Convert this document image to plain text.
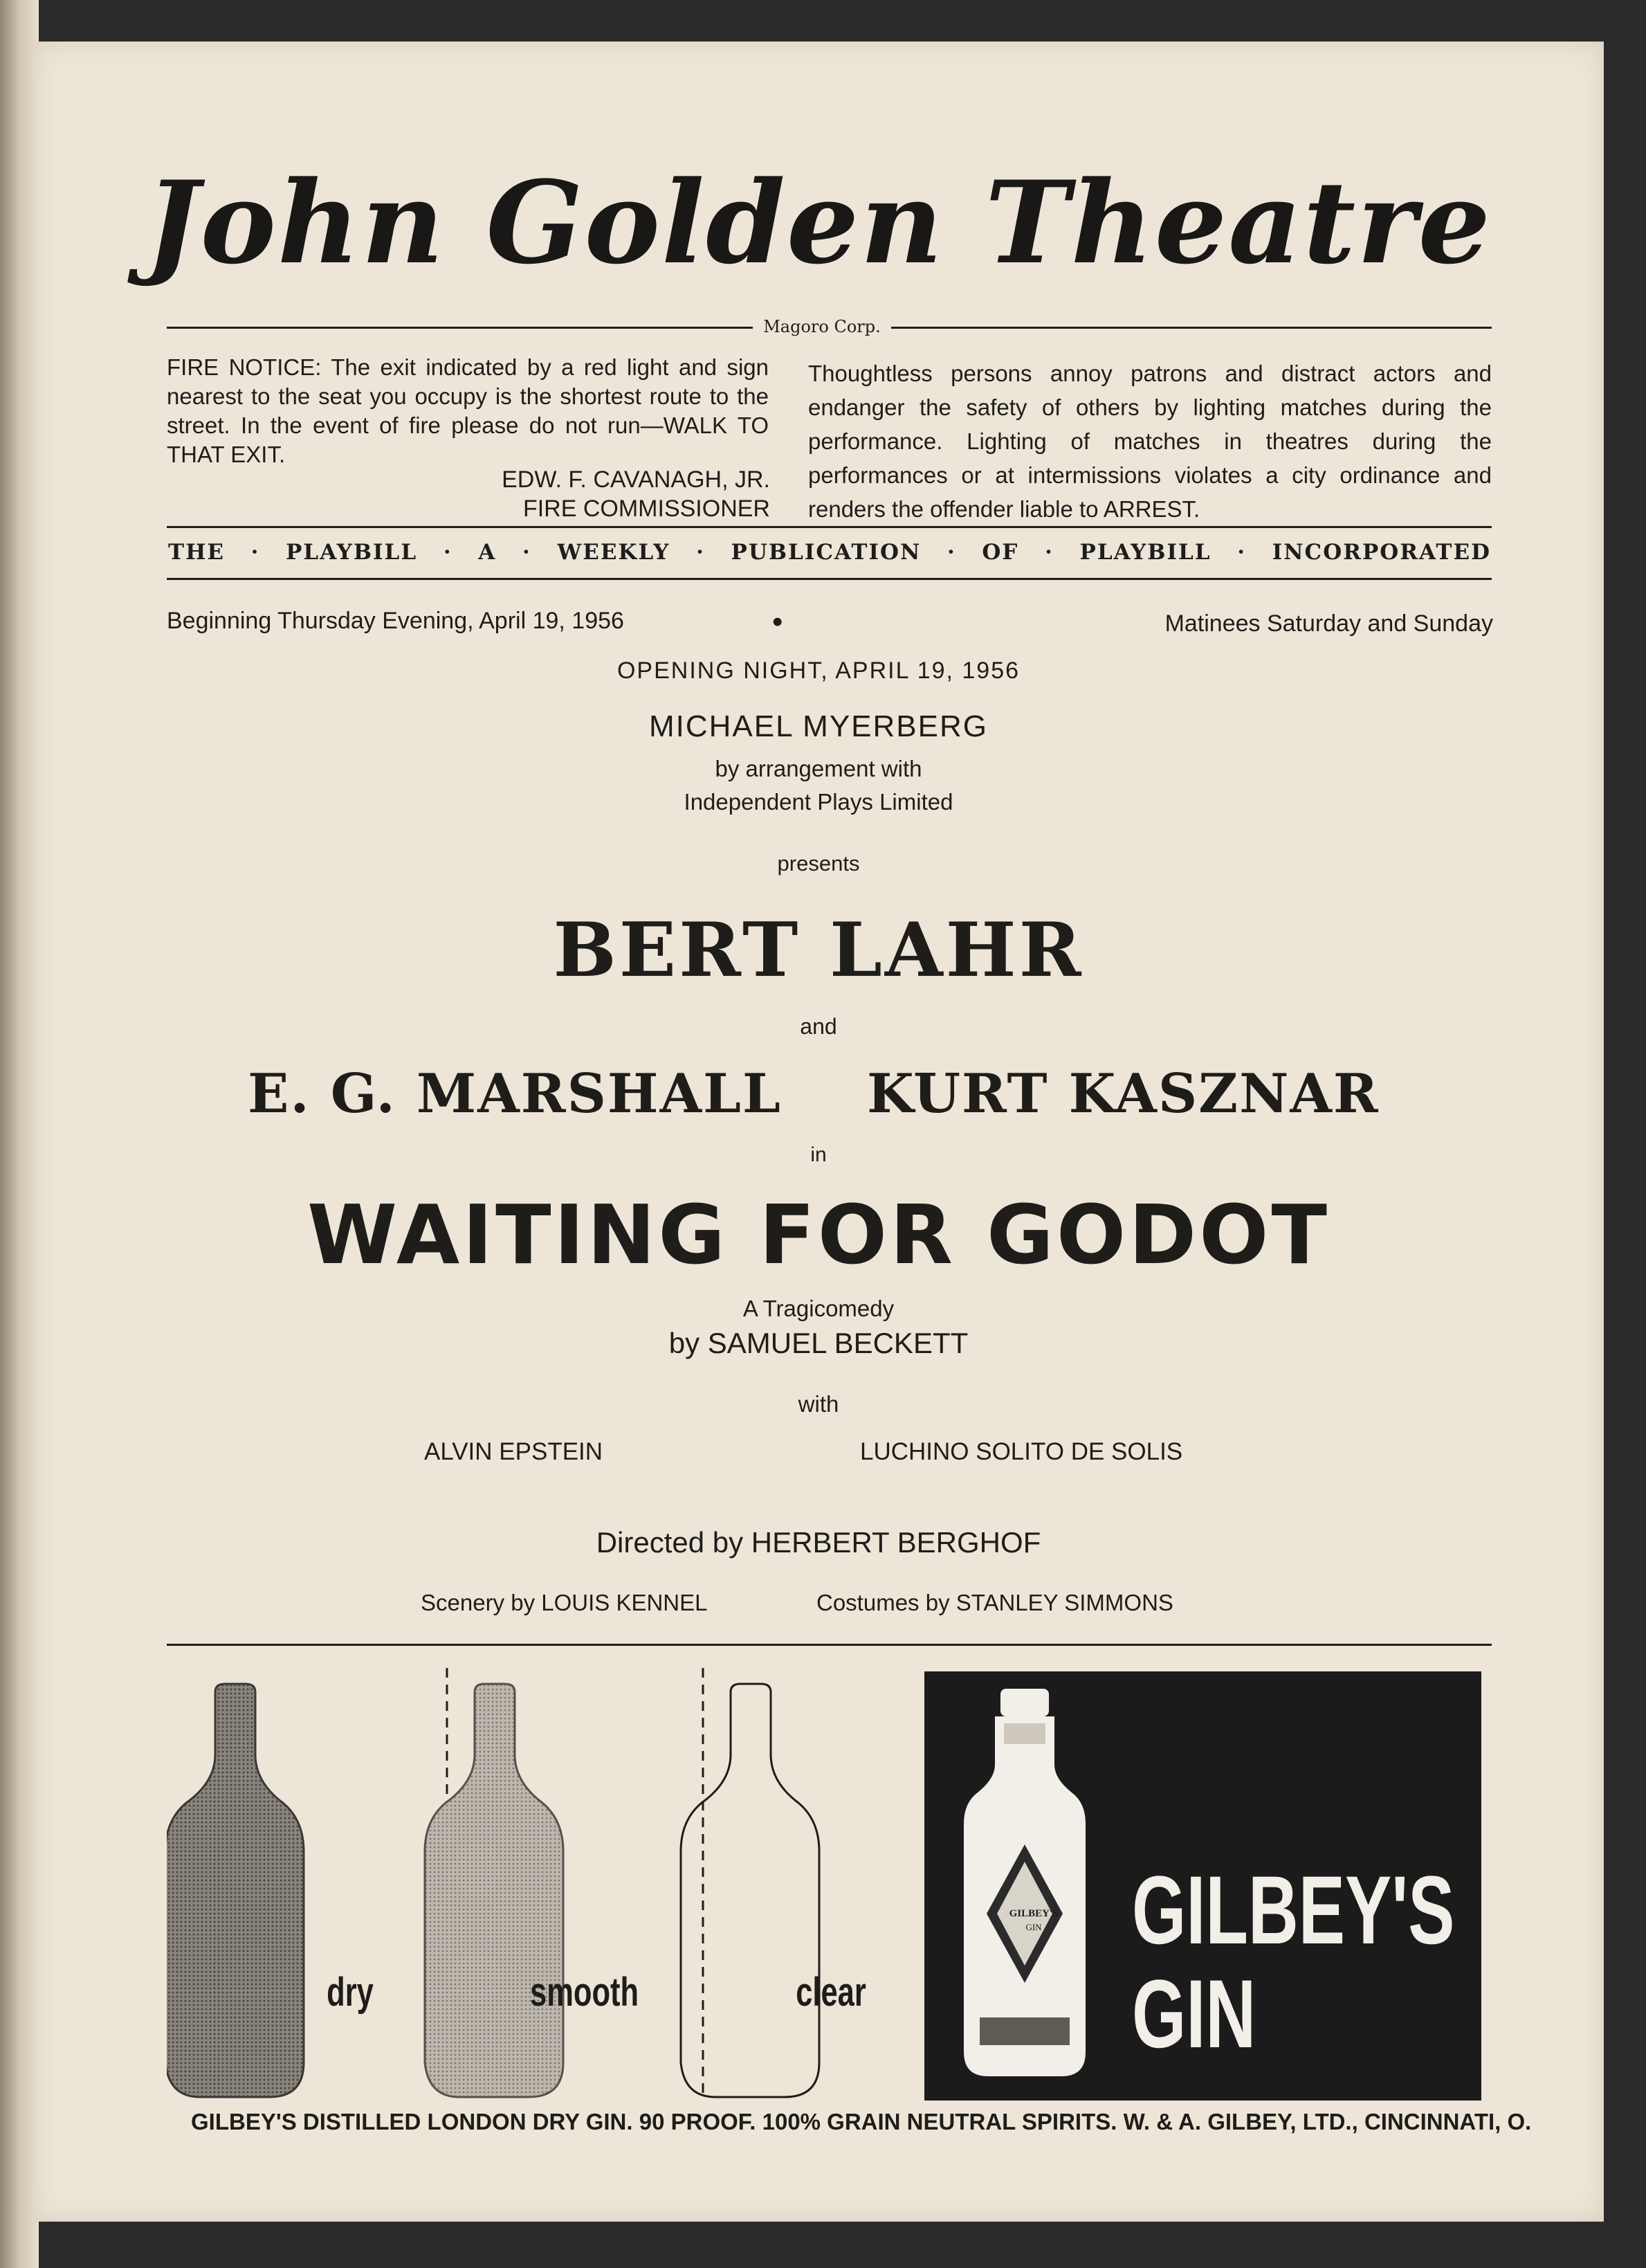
John Golden Theatre
Magoro Corp.
FIRE NOTICE: The exit indicated by a red light and sign nearest to the seat you occupy is the shortest route to the street. In the event of fire please do not run—WALK TO THAT EXIT.
EDW. F. CAVANAGH, JR.
FIRE COMMISSIONER
Thoughtless persons annoy patrons and distract actors and endanger the safety of others by lighting matches during the performance. Lighting of matches in theatres during the performances or at intermissions violates a city ordinance and renders the offender liable to ARREST.
THE · PLAYBILL · A · WEEKLY · PUBLICATION · OF · PLAYBILL · INCORPORATED
Beginning Thursday Evening, April 19, 1956	•	Matinees Saturday and Sunday
OPENING NIGHT, APRIL 19, 1956
MICHAEL MYERBERG
by arrangement with
Independent Plays Limited
presents
BERT LAHR
and
E. G. MARSHALL KURT KASZNAR
in
WAITING FOR GODOT
A Tragicomedy
by SAMUEL BECKETT
with
ALVIN EPSTEIN	LUCHINO SOLITO DE SOLIS
Directed by HERBERT BERGHOF
Scenery by LOUIS KENNEL	Costumes by STANLEY SIMMONS
dry	smooth	clear
GILBEY'S
GIN GILBEY'S
GIN
GILBEY'S DISTILLED LONDON DRY GIN. 90 PROOF. 100% GRAIN NEUTRAL SPIRITS. W. & A. GILBEY, LTD., CINCINNATI, O.
